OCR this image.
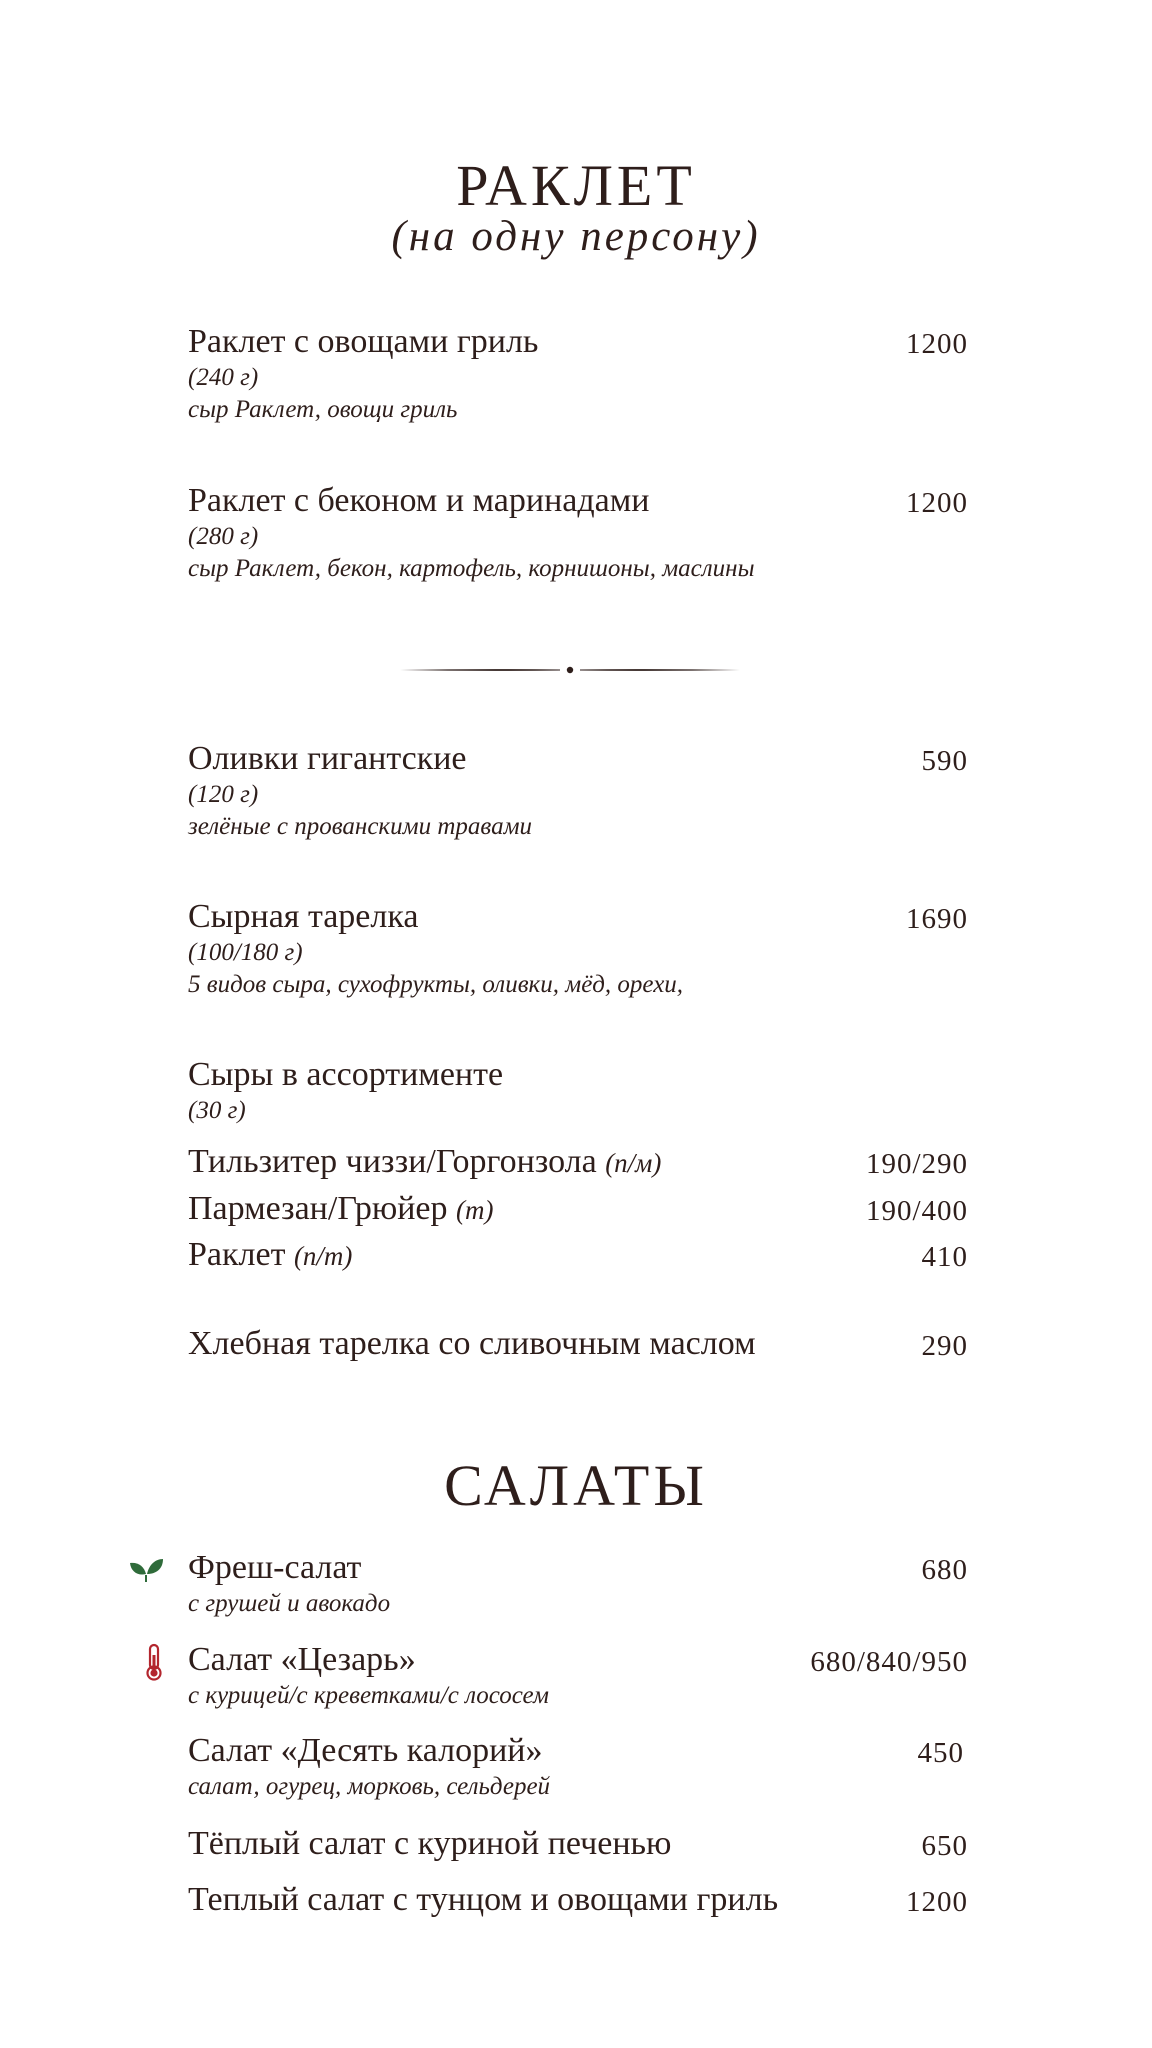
РАКЛЕТ
(на одну персону)
Раклет с овощами гриль
(240 г)
сыр Раклет, овощи гриль
1200
Раклет с беконом и маринадами
(280 г)
сыр Раклет, бекон, картофель, корнишоны, маслины
1200
Оливки гигантские
(120 г)
зелёные с прованскими травами
590
Сырная тарелка
(100/180 г)
5 видов сыра, сухофрукты, оливки, мёд, орехи,
1690
Сыры в ассортименте
(30 г)
Тильзитер чиззи/Горгонзола (п/м)	190/290
Пармезан/Грюйер (т)	190/400
Раклет (п/т)	410
Хлебная тарелка со сливочным маслом	290
САЛАТЫ
Фреш-салат
с грушей и авокадо
680
Салат «Цезарь»
с курицей/с креветками/с лососем
680/840/950
Салат «Десять калорий»
салат, огурец, морковь, сельдерей
450
Тёплый салат с куриной печенью	650
Теплый салат с тунцом и овощами гриль	1200
